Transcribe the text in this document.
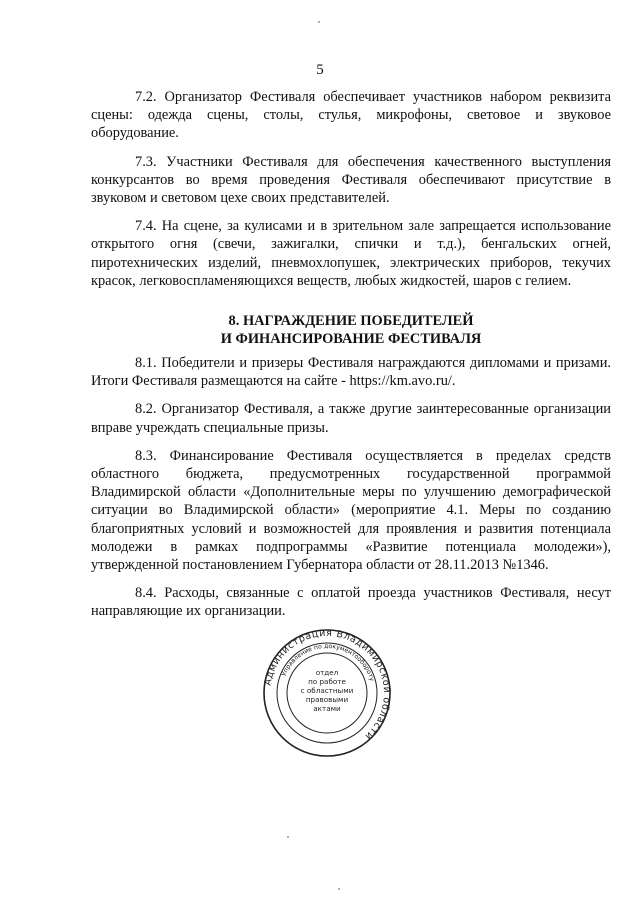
5

7.2. Организатор Фестиваля обеспечивает участников набором реквизита сцены: одежда сцены, столы, стулья, микрофоны, световое и звуковое оборудование.

7.3. Участники Фестиваля для обеспечения качественного выступления конкурсантов во время проведения Фестиваля обеспечивают присутствие в звуковом и световом цехе своих представителей.

7.4. На сцене, за кулисами и в зрительном зале запрещается использование открытого огня (свечи, зажигалки, спички и т.д.), бенгальских огней, пиротехнических изделий, пневмохлопушек, электрических приборов, текучих красок, легковоспламеняющихся веществ, любых жидкостей, шаров с гелием.

8. НАГРАЖДЕНИЕ ПОБЕДИТЕЛЕЙ
И ФИНАНСИРОВАНИЕ ФЕСТИВАЛЯ

8.1. Победители и призеры Фестиваля награждаются дипломами и призами. Итоги Фестиваля размещаются на сайте - https://km.avo.ru/.

8.2. Организатор Фестиваля, а также другие заинтересованные организации вправе учреждать специальные призы.

8.3. Финансирование Фестиваля осуществляется в пределах средств областного бюджета, предусмотренных государственной программой Владимирской области «Дополнительные меры по улучшению демографической ситуации во Владимирской области» (мероприятие 4.1. Меры по созданию благоприятных условий и возможностей для проявления и развития потенциала молодежи в рамках подпрограммы «Развитие потенциала молодежи»), утвержденной постановлением Губернатора области от 28.11.2013 №1346.

8.4. Расходы, связанные с оплатой проезда участников Фестиваля, несут направляющие их организации.

Администрация Владимирской области
Управление по документообороту
отдел
по работе
с областными
правовыми
актами
